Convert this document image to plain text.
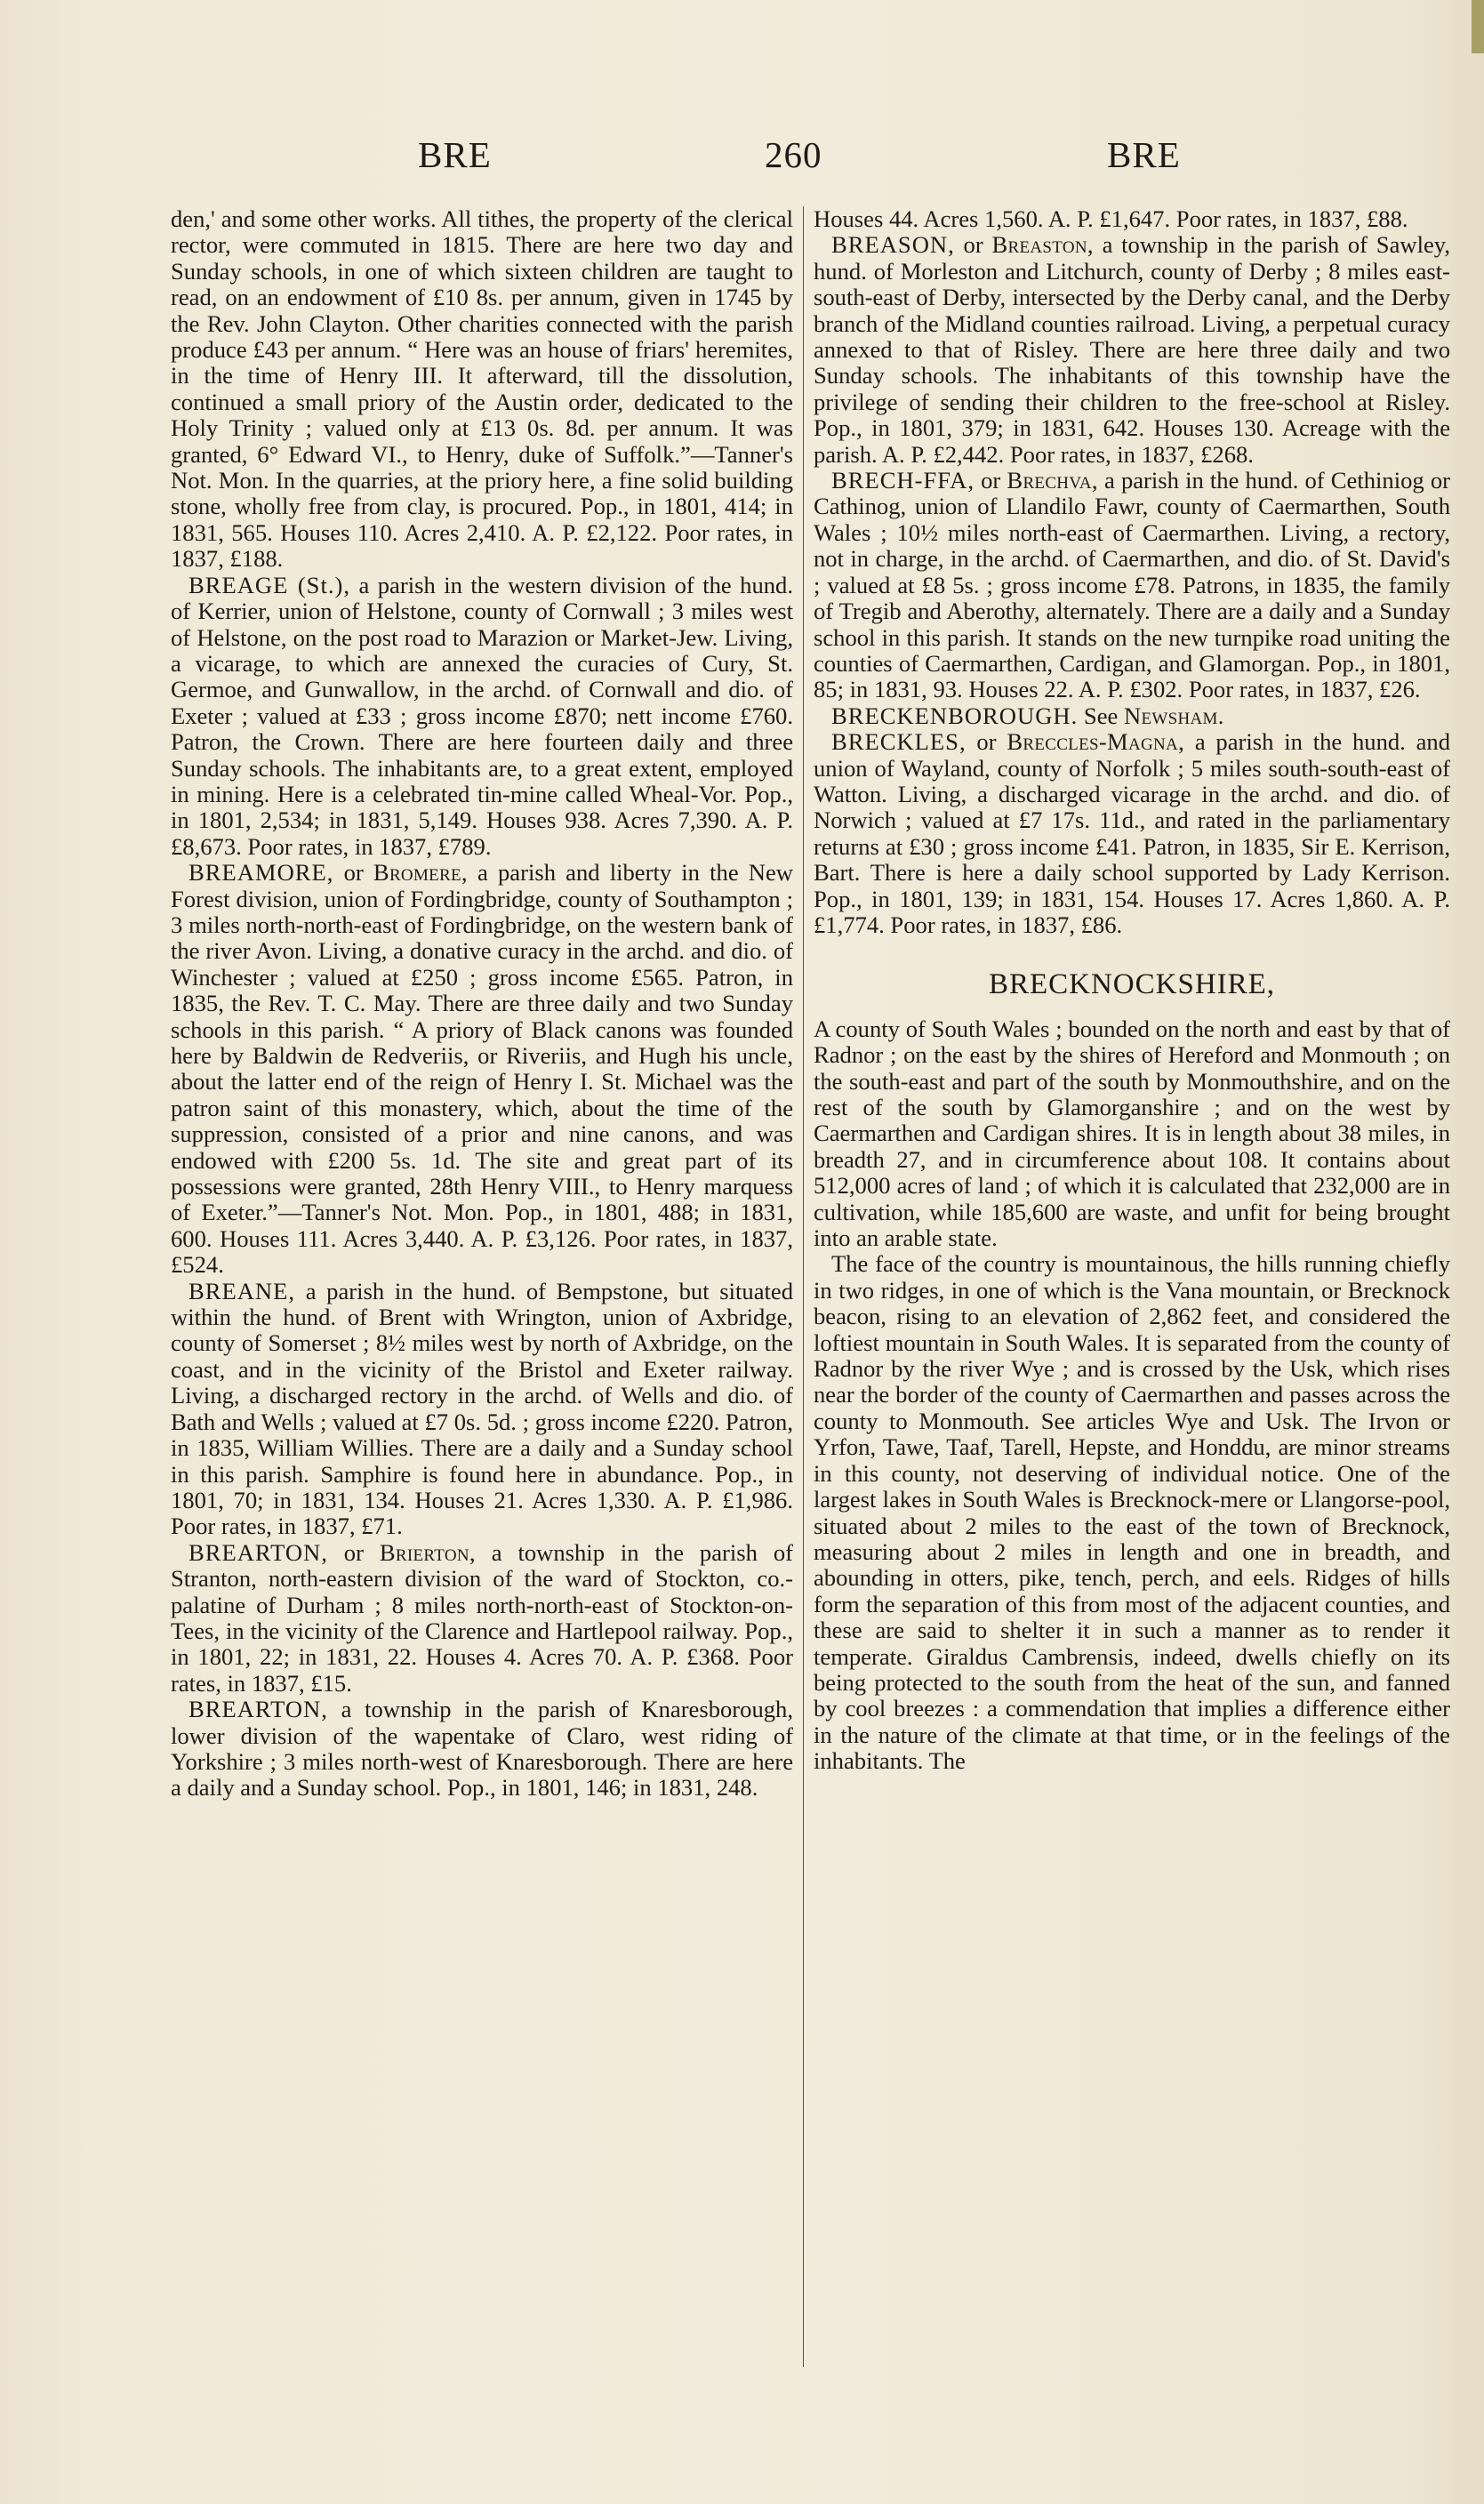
BRE	260	BRE

den,' and some other works. All tithes, the property of the clerical rector, were commuted in 1815. There are here two day and Sunday schools, in one of which sixteen children are taught to read, on an endowment of £10 8s. per annum, given in 1745 by the Rev. John Clayton. Other charities connected with the parish produce £43 per annum. “ Here was an house of friars' heremites, in the time of Henry III. It afterward, till the dissolution, continued a small priory of the Austin order, dedicated to the Holy Trinity ; valued only at £13 0s. 8d. per annum. It was granted, 6° Edward VI., to Henry, duke of Suffolk.”—Tanner's Not. Mon. In the quarries, at the priory here, a fine solid building stone, wholly free from clay, is procured. Pop., in 1801, 414; in 1831, 565. Houses 110. Acres 2,410. A. P. £2,122. Poor rates, in 1837, £188.

BREAGE (St.), a parish in the western division of the hund. of Kerrier, union of Helstone, county of Cornwall ; 3 miles west of Helstone, on the post road to Marazion or Market-Jew. Living, a vicarage, to which are annexed the curacies of Cury, St. Germoe, and Gunwallow, in the archd. of Cornwall and dio. of Exeter ; valued at £33 ; gross income £870; nett income £760. Patron, the Crown. There are here fourteen daily and three Sunday schools. The inhabitants are, to a great extent, employed in mining. Here is a celebrated tin-mine called Wheal-Vor. Pop., in 1801, 2,534; in 1831, 5,149. Houses 938. Acres 7,390. A. P. £8,673. Poor rates, in 1837, £789.

BREAMORE, or Bromere, a parish and liberty in the New Forest division, union of Fordingbridge, county of Southampton ; 3 miles north-north-east of Fordingbridge, on the western bank of the river Avon. Living, a donative curacy in the archd. and dio. of Winchester ; valued at £250 ; gross income £565. Patron, in 1835, the Rev. T. C. May. There are three daily and two Sunday schools in this parish. “ A priory of Black canons was founded here by Baldwin de Redveriis, or Riveriis, and Hugh his uncle, about the latter end of the reign of Henry I. St. Michael was the patron saint of this monastery, which, about the time of the suppression, consisted of a prior and nine canons, and was endowed with £200 5s. 1d. The site and great part of its possessions were granted, 28th Henry VIII., to Henry marquess of Exeter.”—Tanner's Not. Mon. Pop., in 1801, 488; in 1831, 600. Houses 111. Acres 3,440. A. P. £3,126. Poor rates, in 1837, £524.

BREANE, a parish in the hund. of Bempstone, but situated within the hund. of Brent with Wrington, union of Axbridge, county of Somerset ; 8½ miles west by north of Axbridge, on the coast, and in the vicinity of the Bristol and Exeter railway. Living, a discharged rectory in the archd. of Wells and dio. of Bath and Wells ; valued at £7 0s. 5d. ; gross income £220. Patron, in 1835, William Willies. There are a daily and a Sunday school in this parish. Samphire is found here in abundance. Pop., in 1801, 70; in 1831, 134. Houses 21. Acres 1,330. A. P. £1,986. Poor rates, in 1837, £71.

BREARTON, or Brierton, a township in the parish of Stranton, north-eastern division of the ward of Stockton, co.-palatine of Durham ; 8 miles north-north-east of Stockton-on-Tees, in the vicinity of the Clarence and Hartlepool railway. Pop., in 1801, 22; in 1831, 22. Houses 4. Acres 70. A. P. £368. Poor rates, in 1837, £15.

BREARTON, a township in the parish of Knaresborough, lower division of the wapentake of Claro, west riding of Yorkshire ; 3 miles north-west of Knaresborough. There are here a daily and a Sunday school. Pop., in 1801, 146; in 1831, 248.

Houses 44. Acres 1,560. A. P. £1,647. Poor rates, in 1837, £88.

BREASON, or Breaston, a township in the parish of Sawley, hund. of Morleston and Litchurch, county of Derby ; 8 miles east-south-east of Derby, intersected by the Derby canal, and the Derby branch of the Midland counties railroad. Living, a perpetual curacy annexed to that of Risley. There are here three daily and two Sunday schools. The inhabitants of this township have the privilege of sending their children to the free-school at Risley. Pop., in 1801, 379; in 1831, 642. Houses 130. Acreage with the parish. A. P. £2,442. Poor rates, in 1837, £268.

BRECH-FFA, or Brechva, a parish in the hund. of Cethiniog or Cathinog, union of Llandilo Fawr, county of Caermarthen, South Wales ; 10½ miles north-east of Caermarthen. Living, a rectory, not in charge, in the archd. of Caermarthen, and dio. of St. David's ; valued at £8 5s. ; gross income £78. Patrons, in 1835, the family of Tregib and Aberothy, alternately. There are a daily and a Sunday school in this parish. It stands on the new turnpike road uniting the counties of Caermarthen, Cardigan, and Glamorgan. Pop., in 1801, 85; in 1831, 93. Houses 22. A. P. £302. Poor rates, in 1837, £26.

BRECKENBOROUGH. See Newsham.

BRECKLES, or Breccles-Magna, a parish in the hund. and union of Wayland, county of Norfolk ; 5 miles south-south-east of Watton. Living, a discharged vicarage in the archd. and dio. of Norwich ; valued at £7 17s. 11d., and rated in the parliamentary returns at £30 ; gross income £41. Patron, in 1835, Sir E. Kerrison, Bart. There is here a daily school supported by Lady Kerrison. Pop., in 1801, 139; in 1831, 154. Houses 17. Acres 1,860. A. P. £1,774. Poor rates, in 1837, £86.

BRECKNOCKSHIRE,

A county of South Wales ; bounded on the north and east by that of Radnor ; on the east by the shires of Hereford and Monmouth ; on the south-east and part of the south by Monmouthshire, and on the rest of the south by Glamorganshire ; and on the west by Caermarthen and Cardigan shires. It is in length about 38 miles, in breadth 27, and in circumference about 108. It contains about 512,000 acres of land ; of which it is calculated that 232,000 are in cultivation, while 185,600 are waste, and unfit for being brought into an arable state.

The face of the country is mountainous, the hills running chiefly in two ridges, in one of which is the Vana mountain, or Brecknock beacon, rising to an elevation of 2,862 feet, and considered the loftiest mountain in South Wales. It is separated from the county of Radnor by the river Wye ; and is crossed by the Usk, which rises near the border of the county of Caermarthen and passes across the county to Monmouth. See articles Wye and Usk. The Irvon or Yrfon, Tawe, Taaf, Tarell, Hepste, and Honddu, are minor streams in this county, not deserving of individual notice. One of the largest lakes in South Wales is Brecknock-mere or Llangorse-pool, situated about 2 miles to the east of the town of Brecknock, measuring about 2 miles in length and one in breadth, and abounding in otters, pike, tench, perch, and eels. Ridges of hills form the separation of this from most of the adjacent counties, and these are said to shelter it in such a manner as to render it temperate. Giraldus Cambrensis, indeed, dwells chiefly on its being protected to the south from the heat of the sun, and fanned by cool breezes : a commendation that implies a difference either in the nature of the climate at that time, or in the feelings of the inhabitants. The
